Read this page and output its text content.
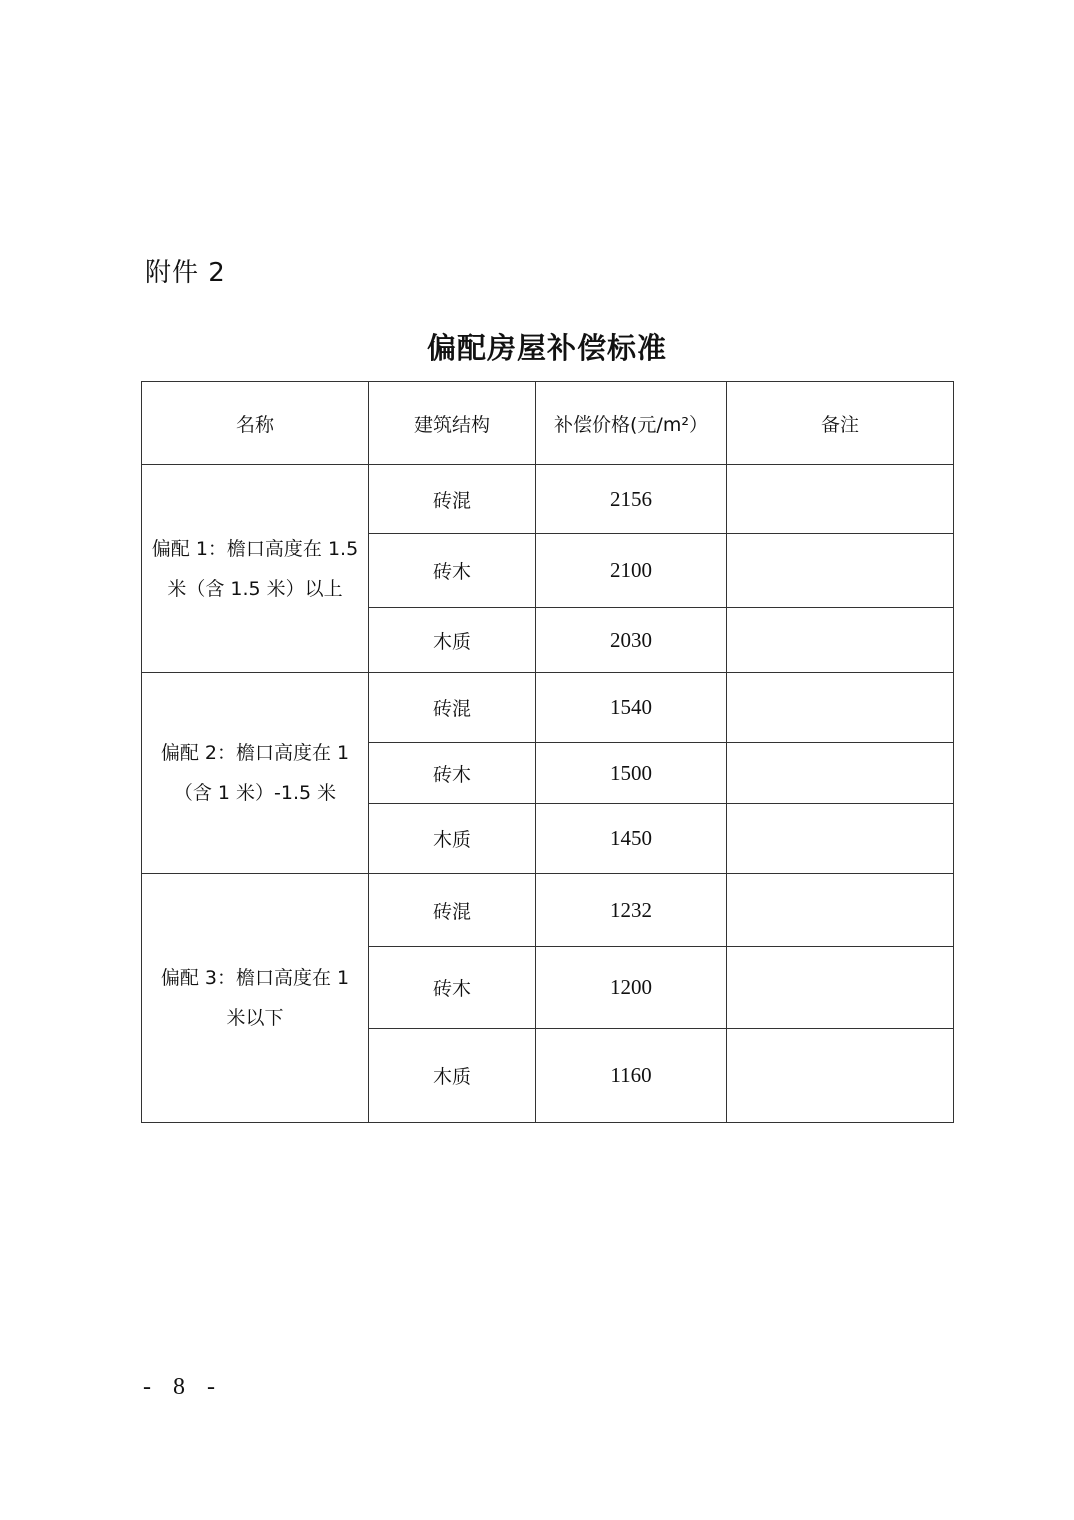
附件 2
偏配房屋补偿标准
名称	建筑结构	补偿价格(元/m²）	备注

偏配 1：檐口高度在 1.5
米（含 1.5 米）以上	砖混	2156	
	砖木	2100	
	木质	2030	

偏配 2：檐口高度在 1
（含 1 米）-1.5 米	砖混	1540	
	砖木	1500	
	木质	1450	

偏配 3：檐口高度在 1
米以下	砖混	1232	
	砖木	1200	
	木质	1160	
- 8 -
